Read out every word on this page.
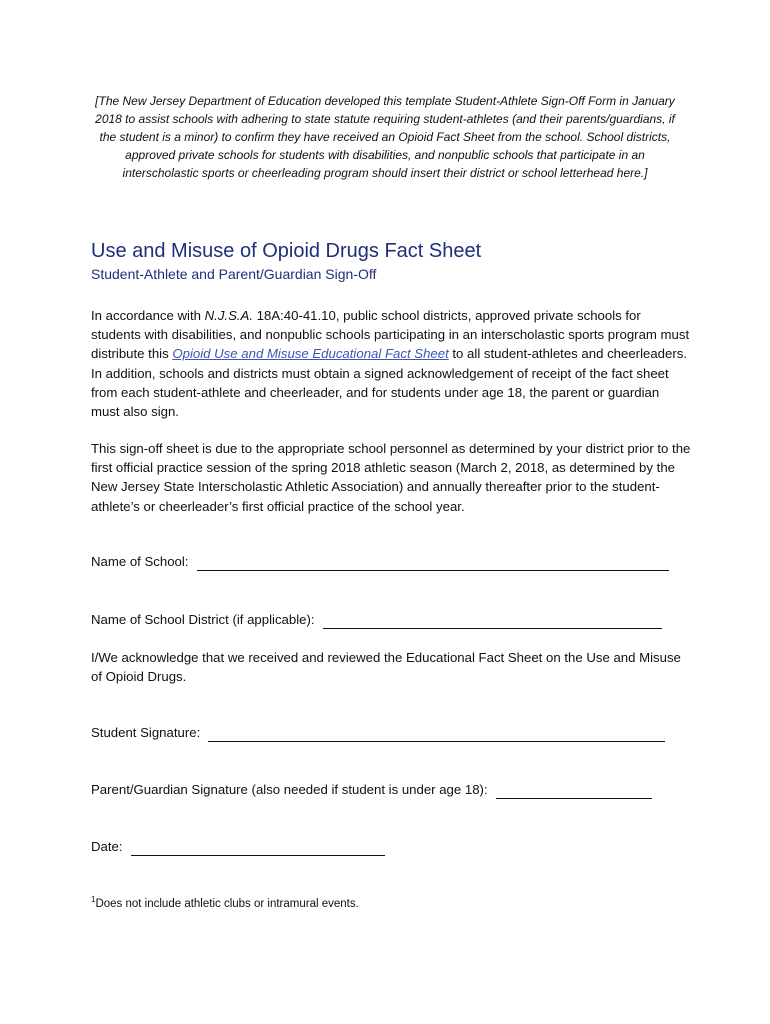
[The New Jersey Department of Education developed this template Student-Athlete Sign-Off Form in January 2018 to assist schools with adhering to state statute requiring student-athletes (and their parents/guardians, if the student is a minor) to confirm they have received an Opioid Fact Sheet from the school. School districts, approved private schools for students with disabilities, and nonpublic schools that participate in an interscholastic sports or cheerleading program should insert their district or school letterhead here.]
Use and Misuse of Opioid Drugs Fact Sheet
Student-Athlete and Parent/Guardian Sign-Off

In accordance with N.J.S.A. 18A:40-41.10, public school districts, approved private schools for students with disabilities, and nonpublic schools participating in an interscholastic sports program must distribute this Opioid Use and Misuse Educational Fact Sheet to all student-athletes and cheerleaders. In addition, schools and districts must obtain a signed acknowledgement of receipt of the fact sheet from each student-athlete and cheerleader, and for students under age 18, the parent or guardian must also sign.

This sign-off sheet is due to the appropriate school personnel as determined by your district prior to the first official practice session of the spring 2018 athletic season (March 2, 2018, as determined by the New Jersey State Interscholastic Athletic Association) and annually thereafter prior to the student-athlete’s or cheerleader’s first official practice of the school year.

Name of School:
Name of School District (if applicable):

I/We acknowledge that we received and reviewed the Educational Fact Sheet on the Use and Misuse of Opioid Drugs.

Student Signature:
Parent/Guardian Signature (also needed if student is under age 18):
Date:
$^1$Does not include athletic clubs or intramural events.
